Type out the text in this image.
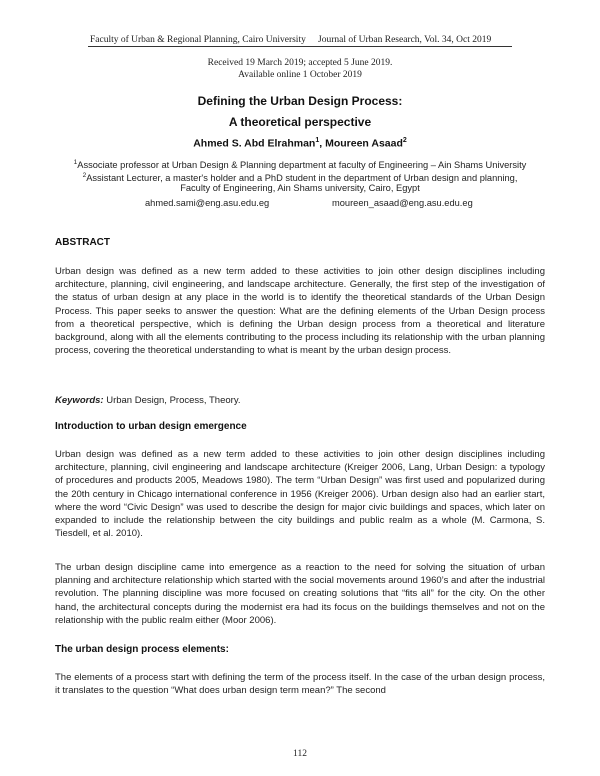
Faculty of Urban & Regional Planning, Cairo University Journal of Urban Research, Vol. 34, Oct 2019
Received 19 March 2019; accepted 5 June 2019.
Available online 1 October 2019
Defining the Urban Design Process:
A theoretical perspective
Ahmed S. Abd Elrahman$^1$, Moureen Asaad$^2$
$^1$Associate professor at Urban Design & Planning department at faculty of Engineering – Ain Shams University
$^2$Assistant Lecturer, a master's holder and a PhD student in the department of Urban design and planning,
Faculty of Engineering, Ain Shams university, Cairo, Egypt
ahmed.sami@eng.asu.edu.eg	moureen_asaad@eng.asu.edu.eg
ABSTRACT
Urban design was defined as a new term added to these activities to join other design disciplines including architecture, planning, civil engineering, and landscape architecture. Generally, the first step of the investigation of the status of urban design at any place in the world is to identify the theoretical standards of the Urban Design Process. This paper seeks to answer the question: What are the defining elements of the Urban Design process from a theoretical perspective, which is defining the Urban design process from a theoretical and literature background, along with all the elements contributing to the process including its relationship with the urban planning process, covering the theoretical understanding to what is meant by the urban design process.
Keywords: Urban Design, Process, Theory.
Introduction to urban design emergence
Urban design was defined as a new term added to these activities to join other design disciplines including architecture, planning, civil engineering and landscape architecture (Kreiger 2006, Lang, Urban Design: a typology of procedures and products 2005, Meadows 1980). The term “Urban Design” was first used and popularized during the 20th century in Chicago international conference in 1956 (Kreiger 2006). Urban design also had an earlier start, where the word “Civic Design” was used to describe the design for major civic buildings and spaces, which later on expanded to include the relationship between the city buildings and public realm as a whole (M. Carmona, S. Tiesdell, et al. 2010).
The urban design discipline came into emergence as a reaction to the need for solving the situation of urban planning and architecture relationship which started with the social movements around 1960’s and after the industrial revolution. The planning discipline was more focused on creating solutions that “fits all” for the city. On the other hand, the architectural concepts during the modernist era had its focus on the buildings themselves and not on the relationship with the public realm either (Moor 2006).
The urban design process elements:
The elements of a process start with defining the term of the process itself. In the case of the urban design process, it translates to the question “What does urban design term mean?” The second
112
